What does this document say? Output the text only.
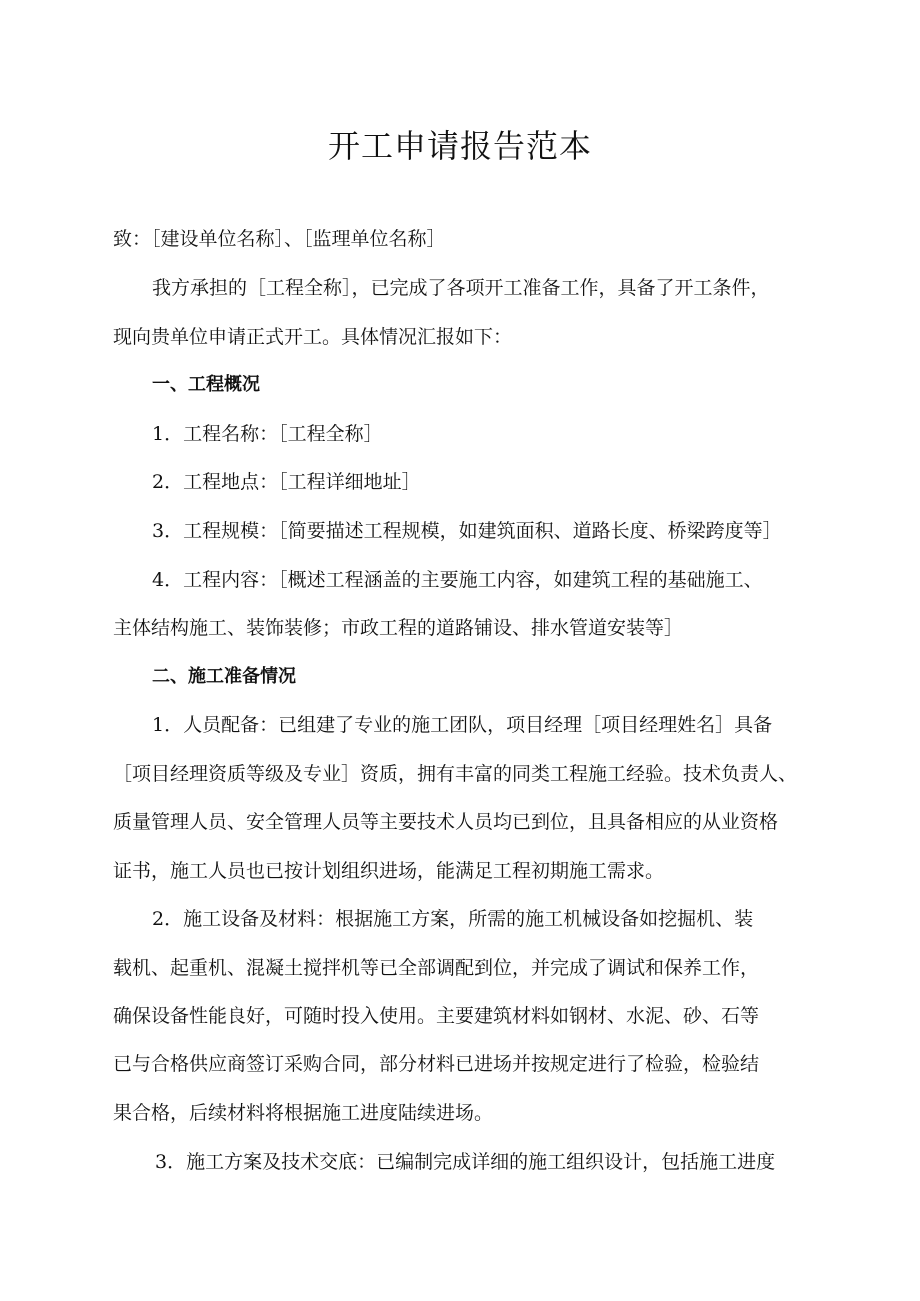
开工申请报告范本
致：［建设单位名称］、［监理单位名称］
我方承担的［工程全称］，已完成了各项开工准备工作，具备了开工条件，
现向贵单位申请正式开工。具体情况汇报如下：
一、工程概况
1．工程名称：［工程全称］
2．工程地点：［工程详细地址］
3．工程规模：［简要描述工程规模，如建筑面积、道路长度、桥梁跨度等］
4．工程内容：［概述工程涵盖的主要施工内容，如建筑工程的基础施工、
主体结构施工、装饰装修；市政工程的道路铺设、排水管道安装等］
二、施工准备情况
1．人员配备：已组建了专业的施工团队，项目经理［项目经理姓名］具备
［项目经理资质等级及专业］资质，拥有丰富的同类工程施工经验。技术负责人、
质量管理人员、安全管理人员等主要技术人员均已到位，且具备相应的从业资格
证书，施工人员也已按计划组织进场，能满足工程初期施工需求。
2．施工设备及材料：根据施工方案，所需的施工机械设备如挖掘机、装
载机、起重机、混凝土搅拌机等已全部调配到位，并完成了调试和保养工作，
确保设备性能良好，可随时投入使用。主要建筑材料如钢材、水泥、砂、石等
已与合格供应商签订采购合同，部分材料已进场并按规定进行了检验，检验结
果合格，后续材料将根据施工进度陆续进场。
3．施工方案及技术交底：已编制完成详细的施工组织设计，包括施工进度
